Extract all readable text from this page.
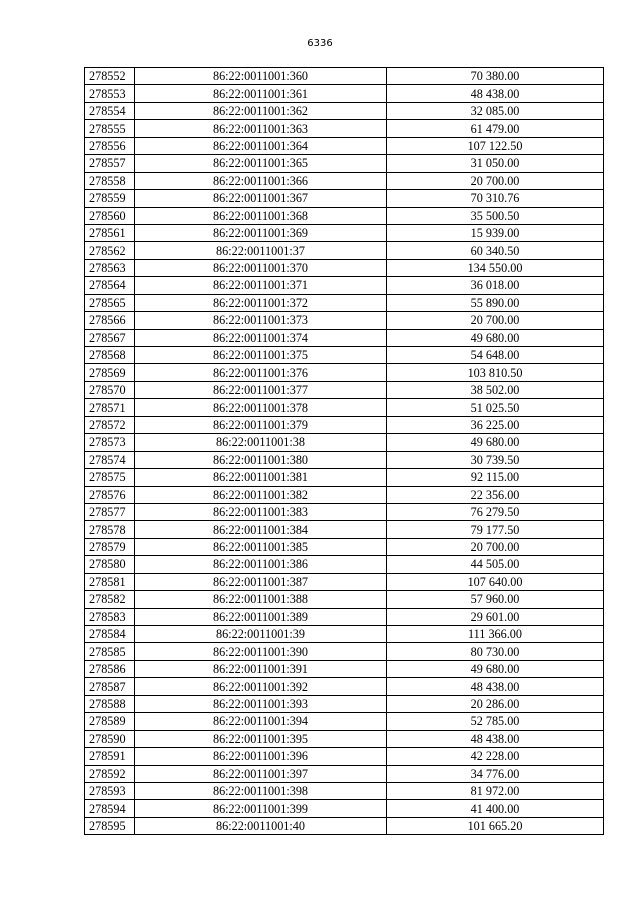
6336
278552	86:22:0011001:360	70 380.00
278553	86:22:0011001:361	48 438.00
278554	86:22:0011001:362	32 085.00
278555	86:22:0011001:363	61 479.00
278556	86:22:0011001:364	107 122.50
278557	86:22:0011001:365	31 050.00
278558	86:22:0011001:366	20 700.00
278559	86:22:0011001:367	70 310.76
278560	86:22:0011001:368	35 500.50
278561	86:22:0011001:369	15 939.00
278562	86:22:0011001:37	60 340.50
278563	86:22:0011001:370	134 550.00
278564	86:22:0011001:371	36 018.00
278565	86:22:0011001:372	55 890.00
278566	86:22:0011001:373	20 700.00
278567	86:22:0011001:374	49 680.00
278568	86:22:0011001:375	54 648.00
278569	86:22:0011001:376	103 810.50
278570	86:22:0011001:377	38 502.00
278571	86:22:0011001:378	51 025.50
278572	86:22:0011001:379	36 225.00
278573	86:22:0011001:38	49 680.00
278574	86:22:0011001:380	30 739.50
278575	86:22:0011001:381	92 115.00
278576	86:22:0011001:382	22 356.00
278577	86:22:0011001:383	76 279.50
278578	86:22:0011001:384	79 177.50
278579	86:22:0011001:385	20 700.00
278580	86:22:0011001:386	44 505.00
278581	86:22:0011001:387	107 640.00
278582	86:22:0011001:388	57 960.00
278583	86:22:0011001:389	29 601.00
278584	86:22:0011001:39	111 366.00
278585	86:22:0011001:390	80 730.00
278586	86:22:0011001:391	49 680.00
278587	86:22:0011001:392	48 438.00
278588	86:22:0011001:393	20 286.00
278589	86:22:0011001:394	52 785.00
278590	86:22:0011001:395	48 438.00
278591	86:22:0011001:396	42 228.00
278592	86:22:0011001:397	34 776.00
278593	86:22:0011001:398	81 972.00
278594	86:22:0011001:399	41 400.00
278595	86:22:0011001:40	101 665.20
